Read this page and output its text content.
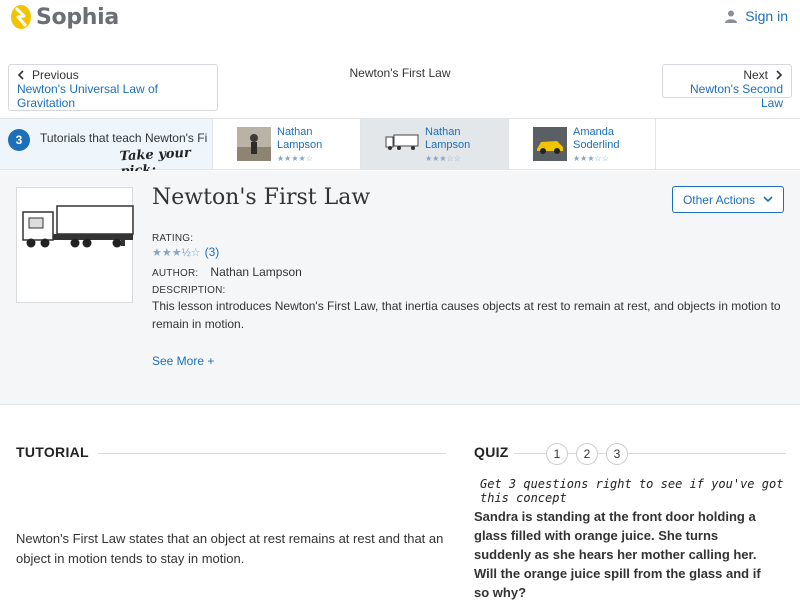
Sophia	Sign in
Previous
Newton's Universal Law of Gravitation
Newton's First Law	Next
Newton's Second Law
3	Tutorials that teach Newton's Fi
Take your
Nathan Lampson
★★★★☆
Nathan Lampson
★★★☆☆
Amanda Soderlind
★★★☆☆
Newton's First Law	Other Actions
RATING:
★★★½☆ (3)
AUTHOR: Nathan Lampson
DESCRIPTION:
This lesson introduces Newton's First Law, that inertia causes objects at rest to remain at rest, and objects in motion to remain in motion.
See More +
TUTORIAL
Newton's First Law states that an object at rest remains at rest and that an object in motion tends to stay in motion.
QUIZ	1	2	3
Get 3 questions right to see if you've got this concept
Sandra is standing at the front door holding a glass filled with orange juice. She turns suddenly as she hears her mother calling her. Will the orange juice spill from the glass and if so why?
